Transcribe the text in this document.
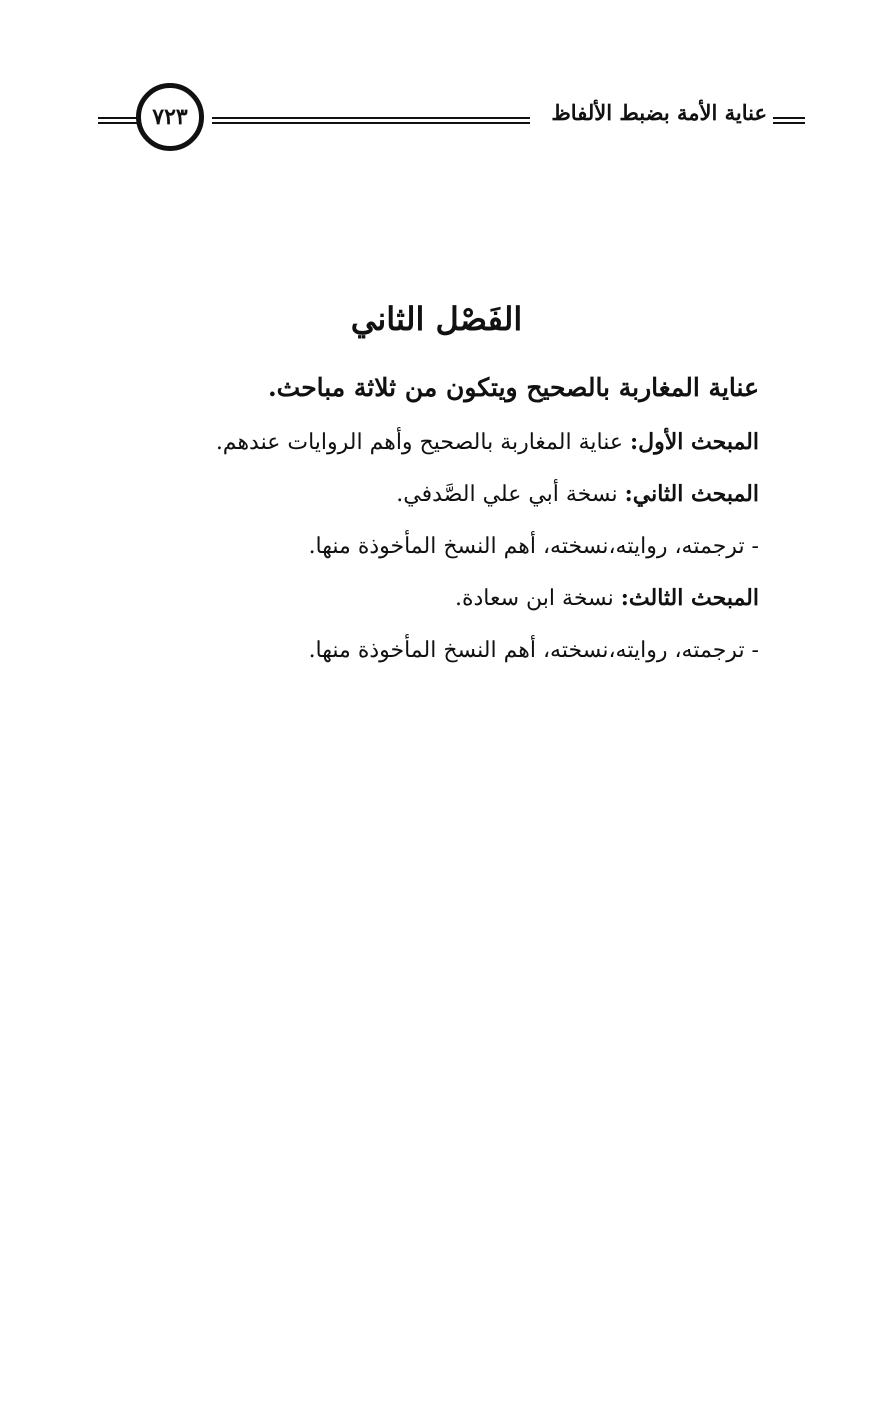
عناية الأمة بضبط الألفاظ
٧٢٣
الفَصْل الثاني
عناية المغاربة بالصحيح ويتكون من ثلاثة مباحث.
المبحث الأول: عناية المغاربة بالصحيح وأهم الروايات عندهم.
المبحث الثاني: نسخة أبي علي الصَّدفي.
- ترجمته، روايته،نسخته، أهم النسخ المأخوذة منها.
المبحث الثالث: نسخة ابن سعادة.
- ترجمته، روايته،نسخته، أهم النسخ المأخوذة منها.
